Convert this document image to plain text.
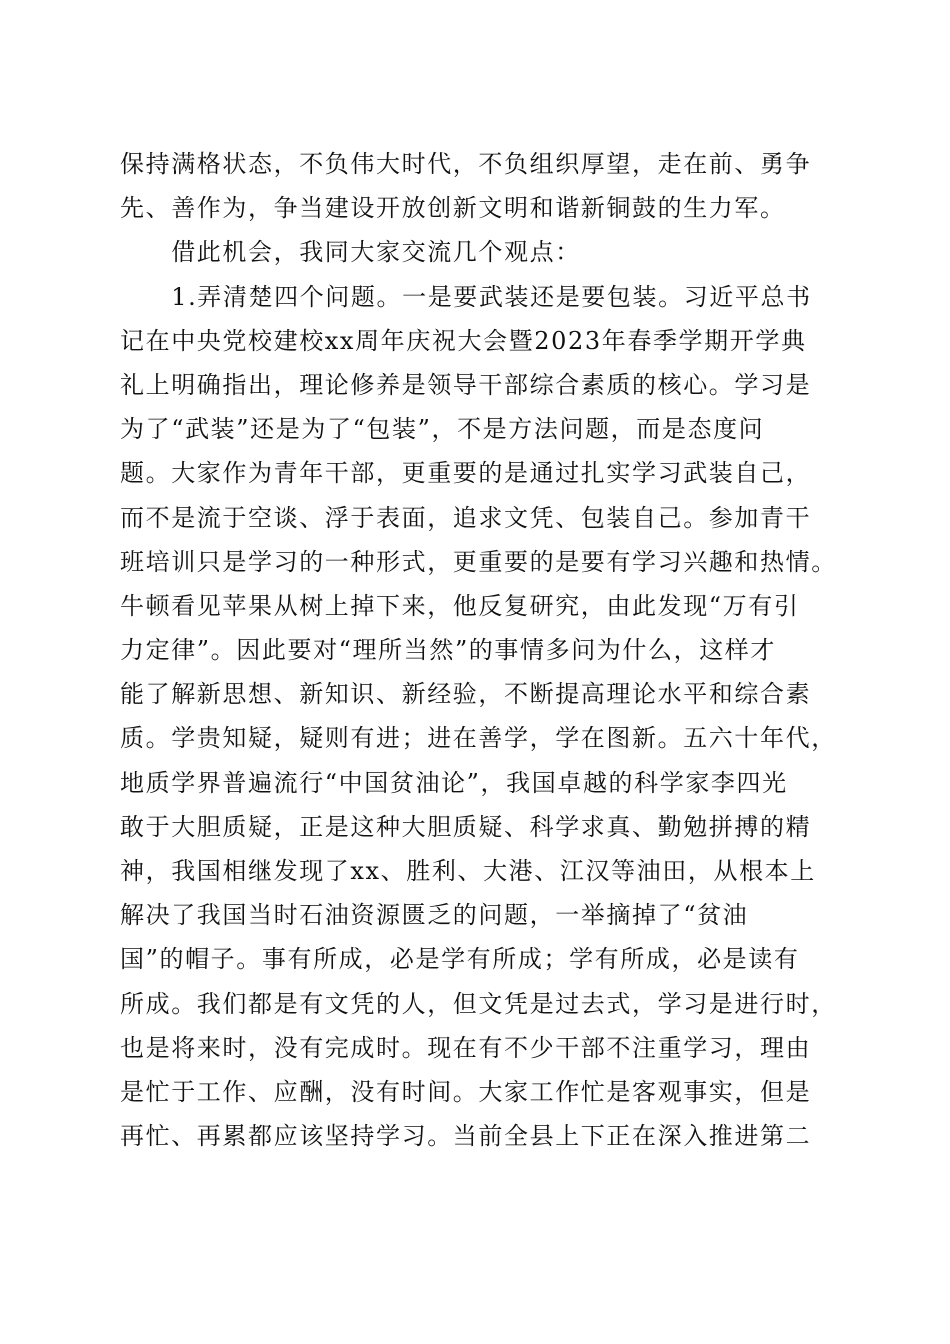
保持满格状态，不负伟大时代，不负组织厚望，走在前、勇争
先、善作为，争当建设开放创新文明和谐新铜鼓的生力军。
　　借此机会，我同大家交流几个观点：
　　1.弄清楚四个问题。一是要武装还是要包装。习近平总书
记在中央党校建校xx周年庆祝大会暨2023年春季学期开学典
礼上明确指出，理论修养是领导干部综合素质的核心。学习是
为了“武装”还是为了“包装”，不是方法问题，而是态度问
题。大家作为青年干部，更重要的是通过扎实学习武装自己，
而不是流于空谈、浮于表面，追求文凭、包装自己。参加青干
班培训只是学习的一种形式，更重要的是要有学习兴趣和热情。
牛顿看见苹果从树上掉下来，他反复研究，由此发现“万有引
力定律”。因此要对“理所当然”的事情多问为什么，这样才
能了解新思想、新知识、新经验，不断提高理论水平和综合素
质。学贵知疑，疑则有进；进在善学，学在图新。五六十年代，
地质学界普遍流行“中国贫油论”，我国卓越的科学家李四光
敢于大胆质疑，正是这种大胆质疑、科学求真、勤勉拼搏的精
神，我国相继发现了xx、胜利、大港、江汉等油田，从根本上
解决了我国当时石油资源匮乏的问题，一举摘掉了“贫油
国”的帽子。事有所成，必是学有所成；学有所成，必是读有
所成。我们都是有文凭的人，但文凭是过去式，学习是进行时，
也是将来时，没有完成时。现在有不少干部不注重学习，理由
是忙于工作、应酬，没有时间。大家工作忙是客观事实，但是
再忙、再累都应该坚持学习。当前全县上下正在深入推进第二
